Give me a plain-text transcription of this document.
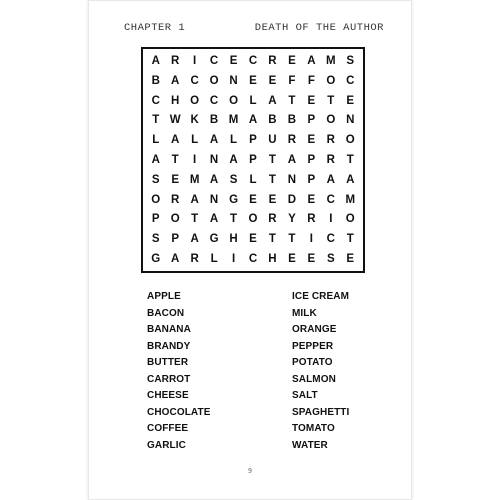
CHAPTER 1	DEATH OF THE AUTHOR
A R	I	C E C R E A M S
B A C O N E	E	F	F O C
C H O C O L	A	T	E	T	E
T W K B M A B B P O N
L	A	L	A	L	P U R E R O
A	T	I	N A P	T	A P R	T
S	E M A S	L	T	N P A A
O R A N G E	E D E C M
P O T	A	T O R Y R	I	O
S	P A G H E	T	T	I	C	T
G A R	L	I	C H E	E	S	E
APPLE
BACON
BANANA
BRANDY
BUTTER
CARROT
CHEESE
CHOCOLATE
COFFEE
GARLIC
ICE CREAM
MILK
ORANGE
PEPPER
POTATO
SALMON
SALT
SPAGHETTI
TOMATO
WATER
9
